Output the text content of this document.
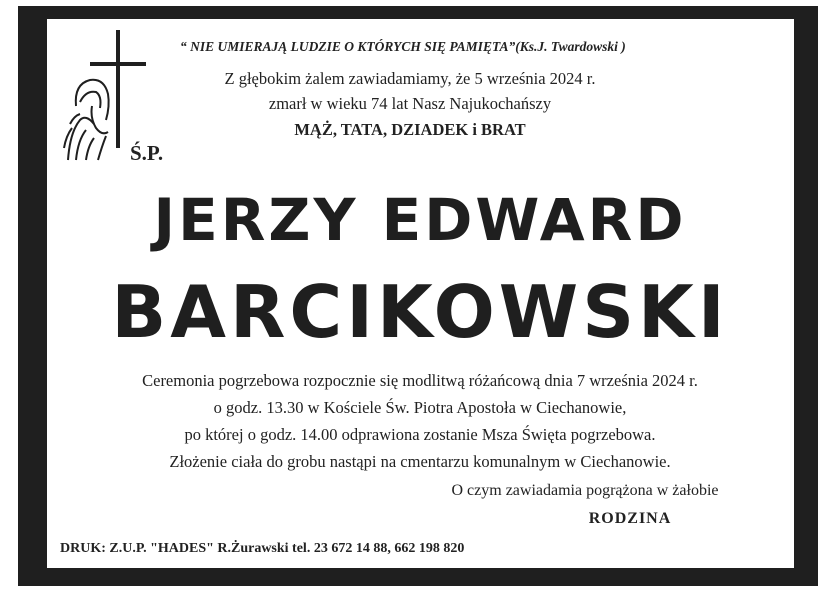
“ NIE UMIERAJĄ LUDZIE O KTÓRYCH SIĘ PAMIĘTA”(Ks.J. Twardowski )
Z głębokim żalem zawiadamiamy, że 5 września 2024 r.
zmarł w wieku 74 lat Nasz Najukochańszy
MĄŻ, TATA, DZIADEK i BRAT
Ś.P.
JERZY EDWARD
BARCIKOWSKI
Ceremonia pogrzebowa rozpocznie się modlitwą różańcową dnia 7 września 2024 r.
o godz. 13.30 w Kościele Św. Piotra Apostoła w Ciechanowie,
po której o godz. 14.00 odprawiona zostanie Msza Święta pogrzebowa.
Złożenie ciała do grobu nastąpi na cmentarzu komunalnym w Ciechanowie.
O czym zawiadamia pogrążona w żałobie
RODZINA
DRUK: Z.U.P. "HADES" R.Żurawski tel. 23 672 14 88, 662 198 820
